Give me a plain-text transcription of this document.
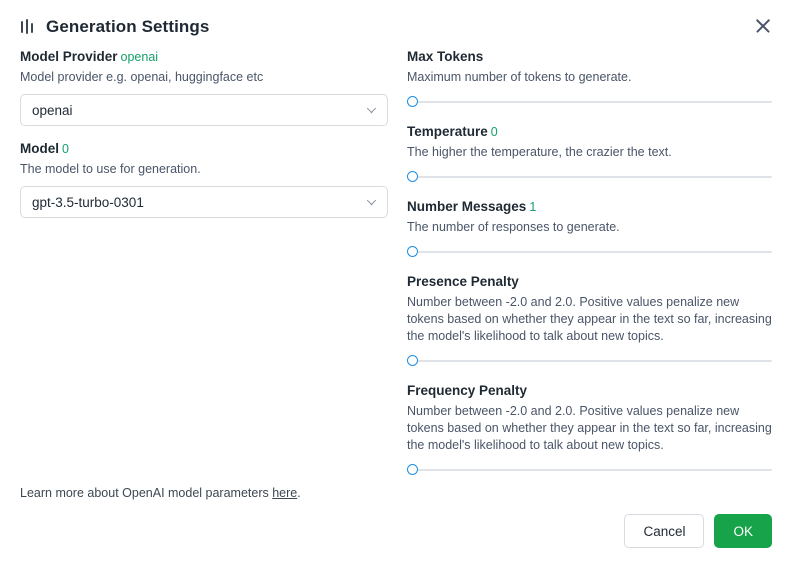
Generation Settings
Model Provider openai
Model provider e.g. openai, huggingface etc
openai
Model 0
The model to use for generation.
gpt-3.5-turbo-0301
Max Tokens
Maximum number of tokens to generate.
Temperature 0
The higher the temperature, the crazier the text.
Number Messages 1
The number of responses to generate.
Presence Penalty
Number between -2.0 and 2.0. Positive values penalize new tokens based on whether they appear in the text so far, increasing the model's likelihood to talk about new topics.
Frequency Penalty
Number between -2.0 and 2.0. Positive values penalize new tokens based on whether they appear in the text so far, increasing the model's likelihood to talk about new topics.
Learn more about OpenAI model parameters here.
Cancel	OK
